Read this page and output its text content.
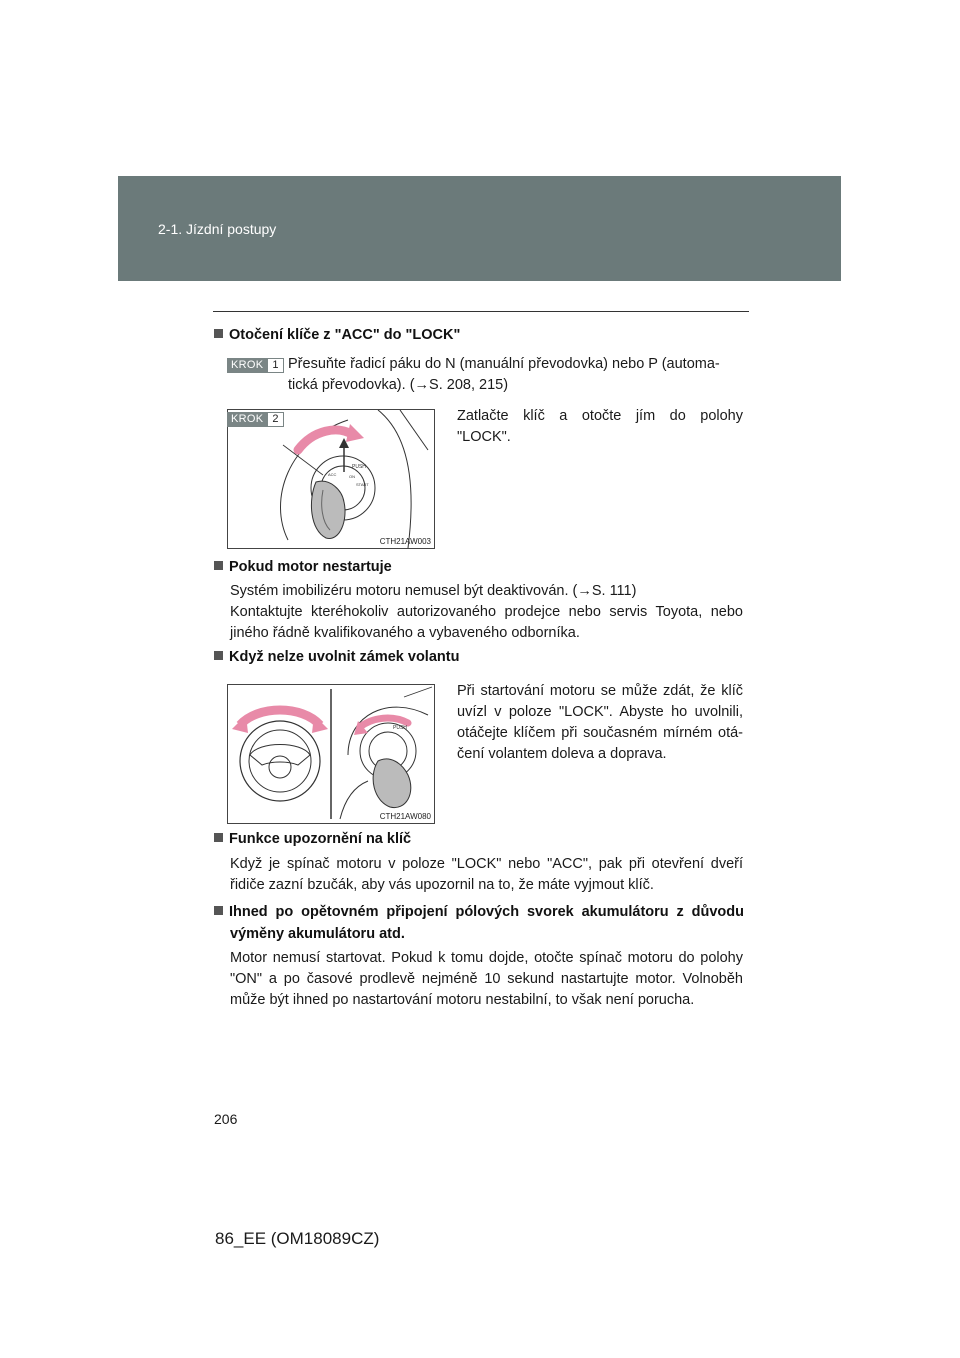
2-1. Jízdní postupy
Otočení klíče z "ACC" do "LOCK"
KROK 1 Přesuňte řadicí páku do N (manuální převodovka) nebo P (automa-
tická převodovka). (→S. 208, 215)
KROK 2
PUSH
ACC	ON
START
CTH21AW003
Zatlačte klíč a otočte jím do polohy
"LOCK".
Pokud motor nestartuje
Systém imobilizéru motoru nemusel být deaktivován. (→S. 111)
Kontaktujte kteréhokoliv autorizovaného prodejce nebo servis Toyota, nebo
jiného řádně kvalifikovaného a vybaveného odborníka.
Když nelze uvolnit zámek volantu
PUSH
CTH21AW080
Při startování motoru se může zdát, že klíč
uvízl v poloze "LOCK". Abyste ho uvolnili,
otáčejte klíčem při současném mírném otá-
čení volantem doleva a doprava.
Funkce upozornění na klíč
Když je spínač motoru v poloze "LOCK" nebo "ACC", pak při otevření dveří
řidiče zazní bzučák, aby vás upozornil na to, že máte vyjmout klíč.
Ihned po opětovném připojení pólových svorek akumulátoru z důvodu
výměny akumulátoru atd.
Motor nemusí startovat. Pokud k tomu dojde, otočte spínač motoru do polohy
"ON" a po časové prodlevě nejméně 10 sekund nastartujte motor. Volnoběh
může být ihned po nastartování motoru nestabilní, to však není porucha.
206
86_EE (OM18089CZ)
